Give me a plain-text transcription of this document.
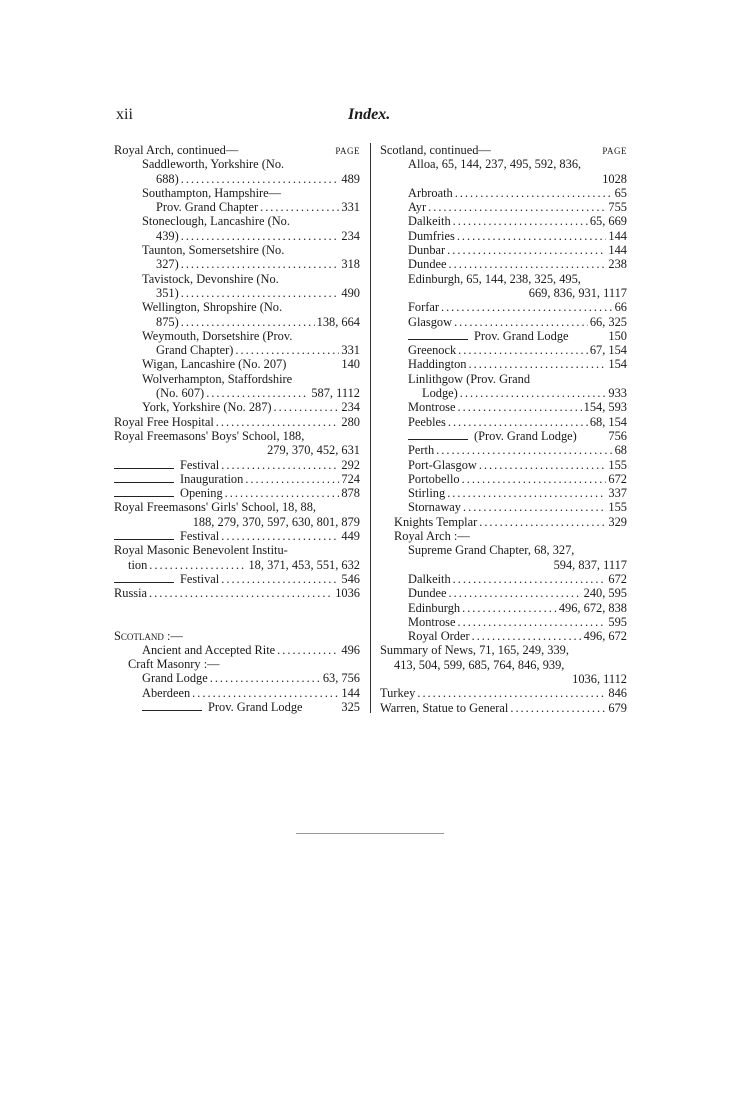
xii	Index.
Royal Arch, continued—	PAGE
Saddleworth, Yorkshire (No.
688) .....	489
Southampton, Hampshire—
Prov. Grand Chapter .....	331
Stoneclough, Lancashire (No.
439) .....	234
Taunton, Somersetshire (No.
327) .....	318
Tavistock, Devonshire (No.
351) .....	490
Wellington, Shropshire (No.
875) .....	138, 664
Weymouth, Dorsetshire (Prov.
Grand Chapter) .....	331
Wigan, Lancashire (No. 207)	140
Wolverhampton, Staffordshire
(No. 607) .....	587, 1112
York, Yorkshire (No. 287) .....	234
Royal Free Hospital .....	280
Royal Freemasons' Boys' School, 188,
279, 370, 452, 631
Festival .....	292
Inauguration .....	724
Opening .....	878
Royal Freemasons' Girls' School, 18, 88,
188, 279, 370, 597, 630, 801, 879
Festival .....	449
Royal Masonic Benevolent Institu-
tion .....	18, 371, 453, 551, 632
Festival .....	546
Russia .....	1036
Scotland :—
Ancient and Accepted Rite .....	496
Craft Masonry :—
Grand Lodge .....	63, 756
Aberdeen .....	144
Prov. Grand Lodge	325
Scotland, continued—	PAGE
Alloa, 65, 144, 237, 495, 592, 836,
1028
Arbroath .....	65
Ayr .....	755
Dalkeith .....	65, 669
Dumfries .....	144
Dunbar .....	144
Dundee .....	238
Edinburgh, 65, 144, 238, 325, 495,
669, 836, 931, 1117
Forfar .....	66
Glasgow .....	66, 325
Prov. Grand Lodge	150
Greenock .....	67, 154
Haddington .....	154
Linlithgow (Prov. Grand
Lodge) .....	933
Montrose .....	154, 593
Peebles .....	68, 154
(Prov. Grand Lodge)	756
Perth .....	68
Port-Glasgow .....	155
Portobello .....	672
Stirling .....	337
Stornaway .....	155
Knights Templar .....	329
Royal Arch :—
Supreme Grand Chapter, 68, 327,
594, 837, 1117
Dalkeith .....	672
Dundee .....	240, 595
Edinburgh .....	496, 672, 838
Montrose .....	595
Royal Order .....	496, 672
Summary of News, 71, 165, 249, 339,
413, 504, 599, 685, 764, 846, 939,
1036, 1112
Turkey .....	846
Warren, Statue to General .....	679
